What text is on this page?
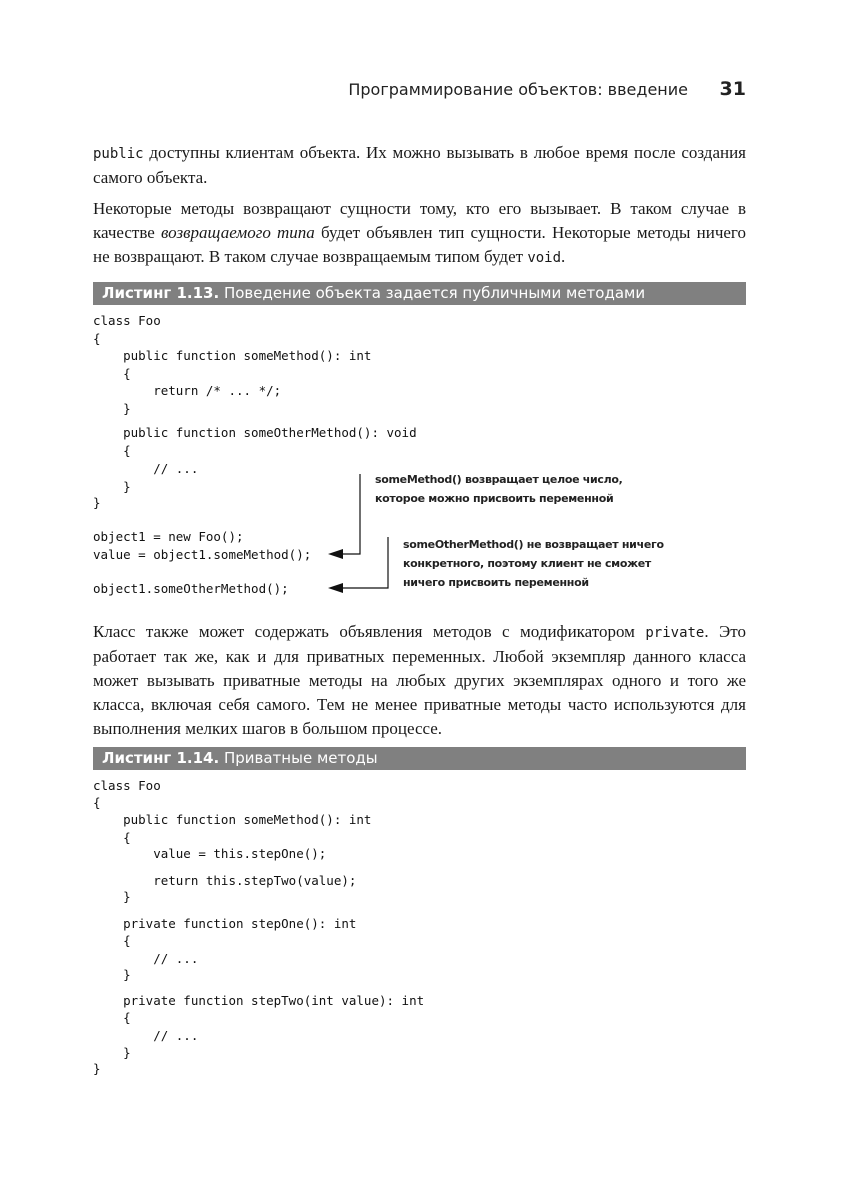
Программирование объектов: введение 31

public доступны клиентам объекта. Их можно вызывать в любое время после создания самого объекта.

Некоторые методы возвращают сущности тому, кто его вызывает. В таком случае в качестве возвращаемого типа будет объявлен тип сущности. Некоторые методы ничего не возвращают. В таком случае возвращаемым типом будет void.

Листинг 1.13. Поведение объекта задается публичными методами
class Foo
{
public function someMethod(): int
{
return /* ... */;
}
public function someOtherMethod(): void
{
// ...
}
}
object1 = new Foo();
value = object1.someMethod();
object1.someOtherMethod();
someMethod() возвращает целое число,
которое можно присвоить переменной
someOtherMethod() не возвращает ничего
конкретного, поэтому клиент не сможет
ничего присвоить переменной

Класс также может содержать объявления методов с модификатором private. Это работает так же, как и для приватных переменных. Любой экземпляр данного класса может вызывать приватные методы на любых других экземплярах одного и того же класса, включая себя самого. Тем не менее приватные методы часто используются для выполнения мелких шагов в большом процессе.

Листинг 1.14. Приватные методы
class Foo
{
public function someMethod(): int
{
value = this.stepOne();
return this.stepTwo(value);
}
private function stepOne(): int
{
// ...
}
private function stepTwo(int value): int
{
// ...
}
}
